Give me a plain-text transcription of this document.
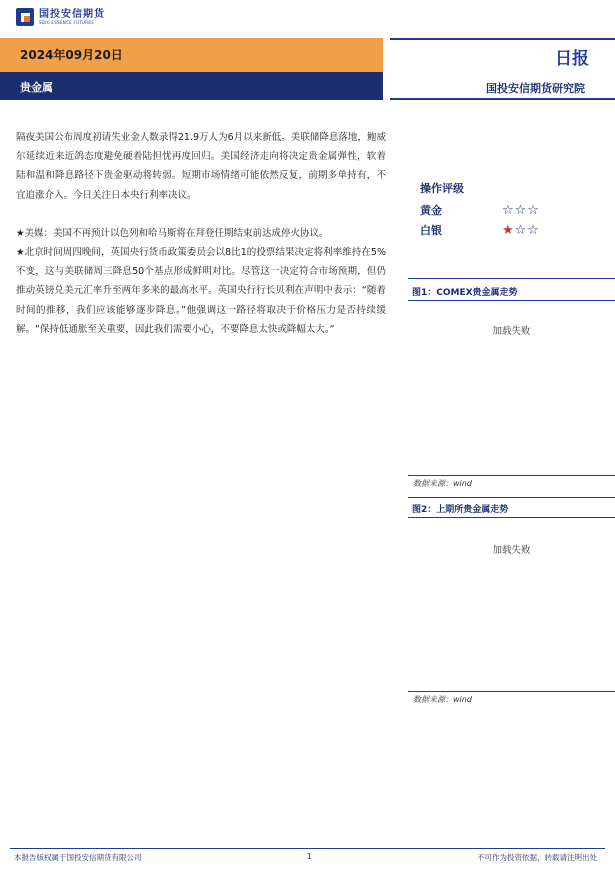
国投安信期货
SDIC ESSENCE FUTURES
2024年09月20日	日报
贵金属	国投安信期货研究院

隔夜美国公布周度初请失业金人数录得21.9万人为6月以来新低。美联储降息落地，鲍威尔延续近来近鸽态度避免硬着陆担忧再度回归。美国经济走向将决定贵金属弹性，软着陆和温和降息路径下贵金驱动将转弱。短期市场情绪可能依然反复，前期多单持有，不宜追涨介入。今日关注日本央行利率决议。

★美媒：美国不再预计以色列和哈马斯将在拜登任期结束前达成停火协议。

★北京时间周四晚间，英国央行货币政策委员会以8比1的投票结果决定将利率维持在5%不变，这与美联储周三降息50个基点形成鲜明对比。尽管这一决定符合市场预期，但仍推动英镑兑美元汇率升至两年多来的最高水平。英国央行行长贝利在声明中表示：“随着时间的推移，我们应该能够逐步降息。”他强调这一路径将取决于价格压力是否持续缓解。“保持低通胀至关重要，因此我们需要小心，不要降息太快或降幅太大。”

操作评级
黄金	☆☆☆
白银	★☆☆
图1：COMEX贵金属走势
加载失败
数据来源：wind
图2：上期所贵金属走势
加载失败
数据来源：wind
本报告版权属于国投安信期货有限公司	1	不可作为投资依据，转载请注明出处
